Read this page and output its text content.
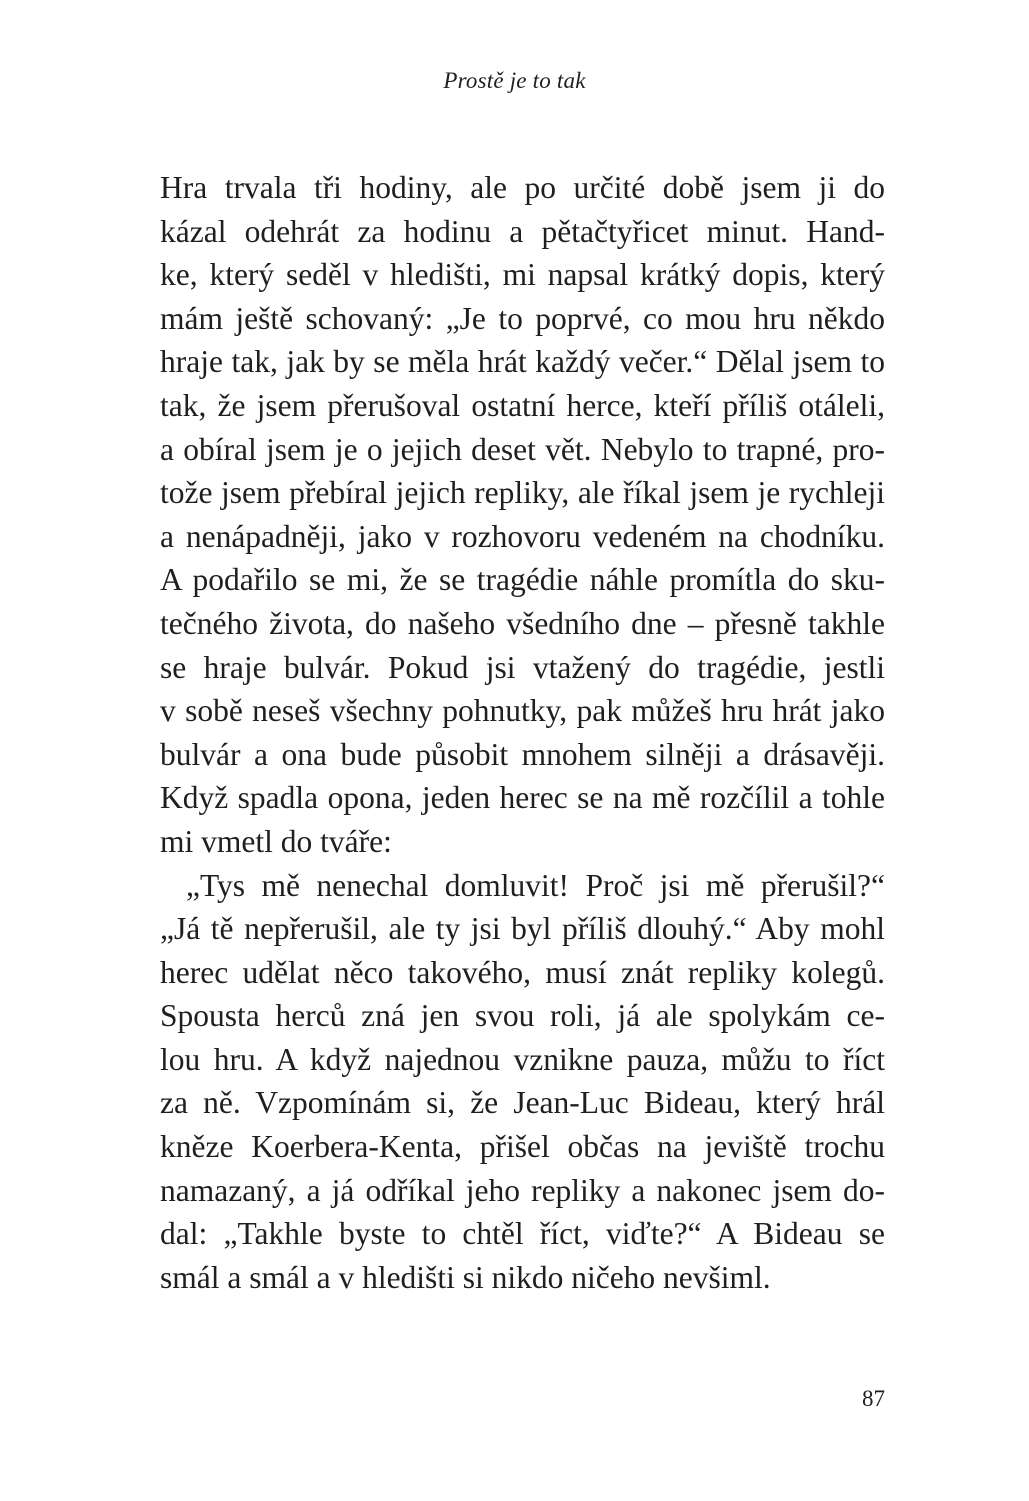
Prostě je to tak
Hra trvala tři hodiny, ale po určité době jsem ji do
kázal odehrát za hodinu a pětačtyřicet minut. Hand-
ke, který seděl v hledišti, mi napsal krátký dopis, který
mám ještě schovaný: „Je to poprvé, co mou hru někdo
hraje tak, jak by se měla hrát každý večer.“ Dělal jsem to
tak, že jsem přerušoval ostatní herce, kteří příliš otáleli,
a obíral jsem je o jejich deset vět. Nebylo to trapné, pro-
tože jsem přebíral jejich repliky, ale říkal jsem je rychleji
a nenápadněji, jako v rozhovoru vedeném na chodníku.
A podařilo se mi, že se tragédie náhle promítla do sku-
tečného života, do našeho všedního dne – přesně takhle
se hraje bulvár. Pokud jsi vtažený do tragédie, jestli
v sobě neseš všechny pohnutky, pak můžeš hru hrát jako
bulvár a ona bude působit mnohem silněji a drásavěji.
Když spadla opona, jeden herec se na mě rozčílil a tohle
mi vmetl do tváře:
„Tys mě nenechal domluvit! Proč jsi mě přerušil?“
„Já tě nepřerušil, ale ty jsi byl příliš dlouhý.“ Aby mohl
herec udělat něco takového, musí znát repliky kolegů.
Spousta herců zná jen svou roli, já ale spolykám ce-
lou hru. A když najednou vznikne pauza, můžu to říct
za ně. Vzpomínám si, že Jean-Luc Bideau, který hrál
kněze Koerbera-Kenta, přišel občas na jeviště trochu
namazaný, a já odříkal jeho repliky a nakonec jsem do-
dal: „Takhle byste to chtěl říct, viďte?“ A Bideau se
smál a smál a v hledišti si nikdo ničeho nevšiml.
87
